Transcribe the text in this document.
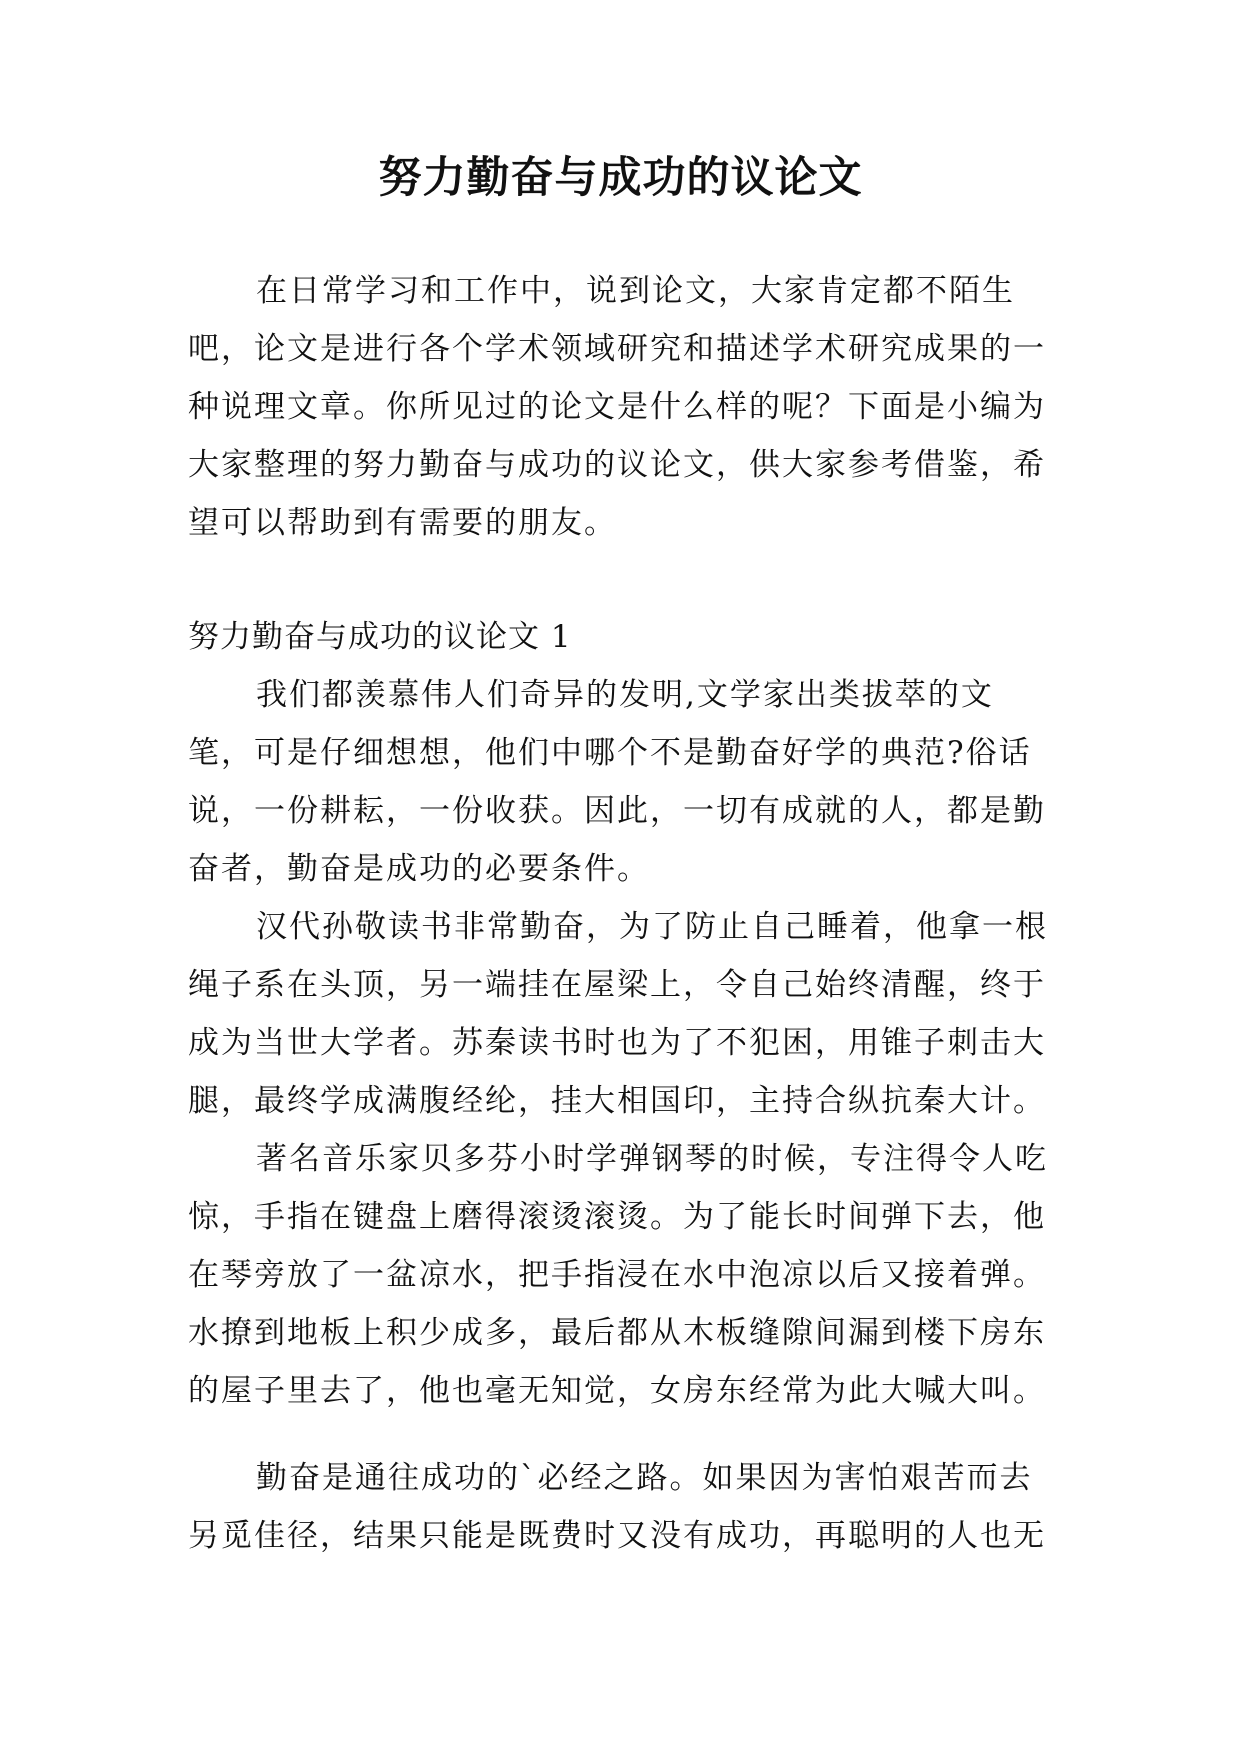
努力勤奋与成功的议论文

在日常学习和工作中，说到论文，大家肯定都不陌生吧，论文是进行各个学术领域研究和描述学术研究成果的一种说理文章。你所见过的论文是什么样的呢？下面是小编为大家整理的努力勤奋与成功的议论文，供大家参考借鉴，希望可以帮助到有需要的朋友。

努力勤奋与成功的议论文 1

我们都羡慕伟人们奇异的发明,文学家出类拔萃的文笔，可是仔细想想，他们中哪个不是勤奋好学的典范?俗话说，一份耕耘，一份收获。因此，一切有成就的人，都是勤奋者，勤奋是成功的必要条件。

汉代孙敬读书非常勤奋，为了防止自己睡着，他拿一根绳子系在头顶，另一端挂在屋梁上，令自己始终清醒，终于成为当世大学者。苏秦读书时也为了不犯困，用锥子刺击大腿，最终学成满腹经纶，挂大相国印，主持合纵抗秦大计。

著名音乐家贝多芬小时学弹钢琴的时候，专注得令人吃惊，手指在键盘上磨得滚烫滚烫。为了能长时间弹下去，他在琴旁放了一盆凉水，把手指浸在水中泡凉以后又接着弹。水撩到地板上积少成多，最后都从木板缝隙间漏到楼下房东的屋子里去了，他也毫无知觉，女房东经常为此大喊大叫。

勤奋是通往成功的`必经之路。如果因为害怕艰苦而去另觅佳径，结果只能是既费时又没有成功，再聪明的人也无
